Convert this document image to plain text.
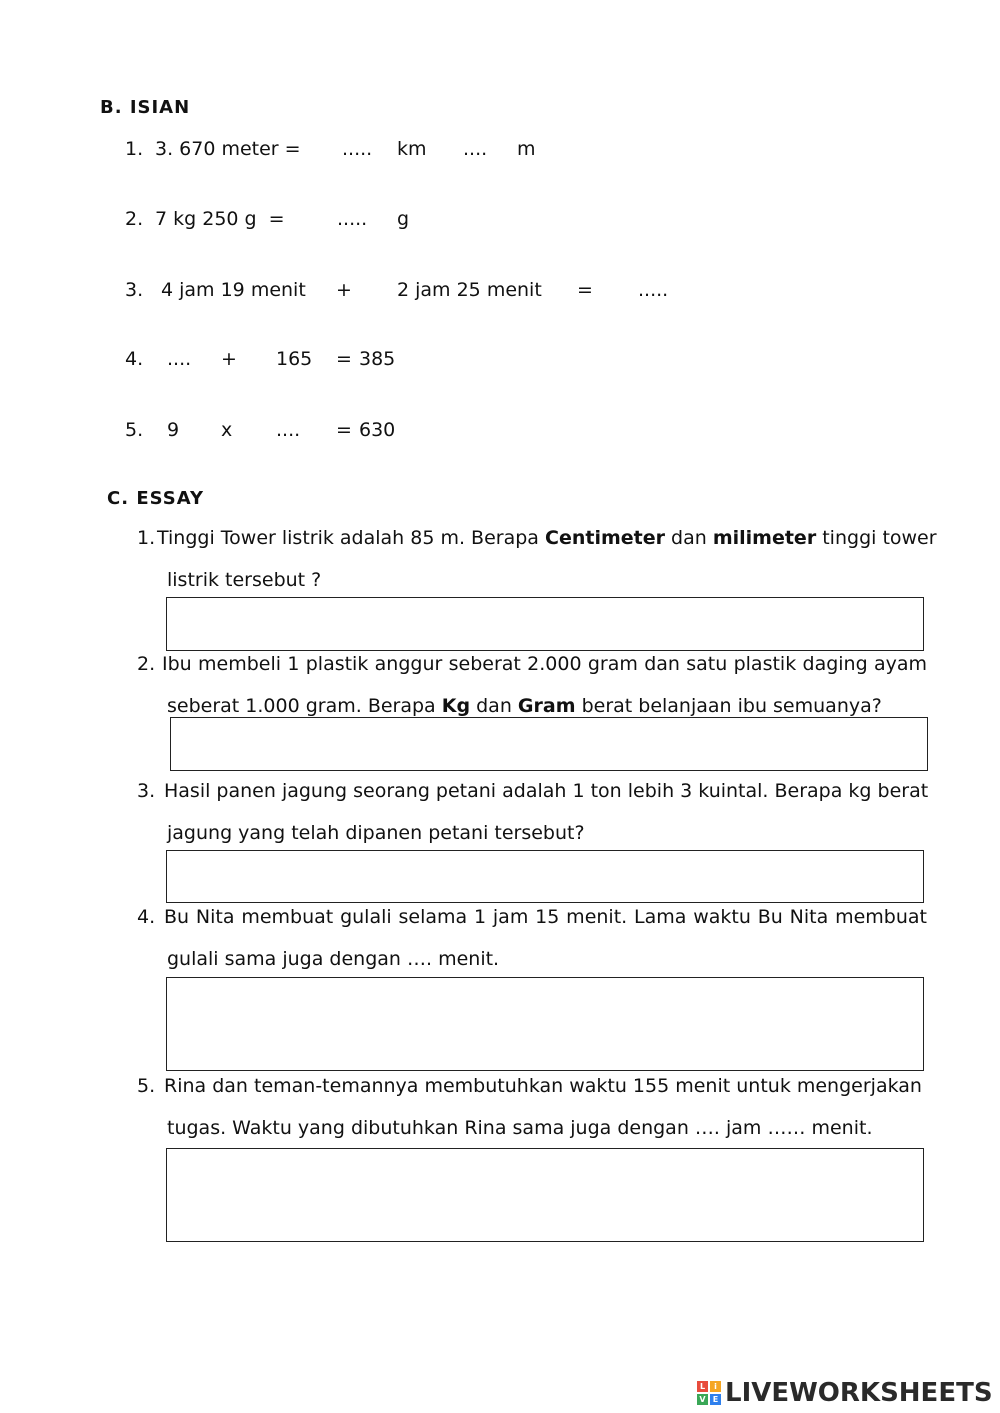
B. ISIAN
1. 3. 670 meter = ..... km .... m
2. 7 kg 250 g  =	..... g
3. 4 jam 19 menit + 2 jam 25 menit = .....
4. .... + 165 = 385
5. 9 x .... = 630
C. ESSAY
1. Tinggi Tower listrik adalah 85 m. Berapa Centimeter dan milimeter tinggi tower
listrik tersebut ?
2. Ibu membeli 1 plastik anggur seberat 2.000 gram dan satu plastik daging ayam
seberat 1.000 gram. Berapa Kg dan Gram berat belanjaan ibu semuanya?
3. Hasil panen jagung seorang petani adalah 1 ton lebih 3 kuintal. Berapa kg berat
jagung yang telah dipanen petani tersebut?
4. Bu Nita membuat gulali selama 1 jam 15 menit. Lama waktu Bu Nita membuat
gulali sama juga dengan …. menit.
5. Rina dan teman-temannya membutuhkan waktu 155 menit untuk mengerjakan
tugas. Waktu yang dibutuhkan Rina sama juga dengan …. jam …… menit.
L	i
V E LIVEWORKSHEETS
